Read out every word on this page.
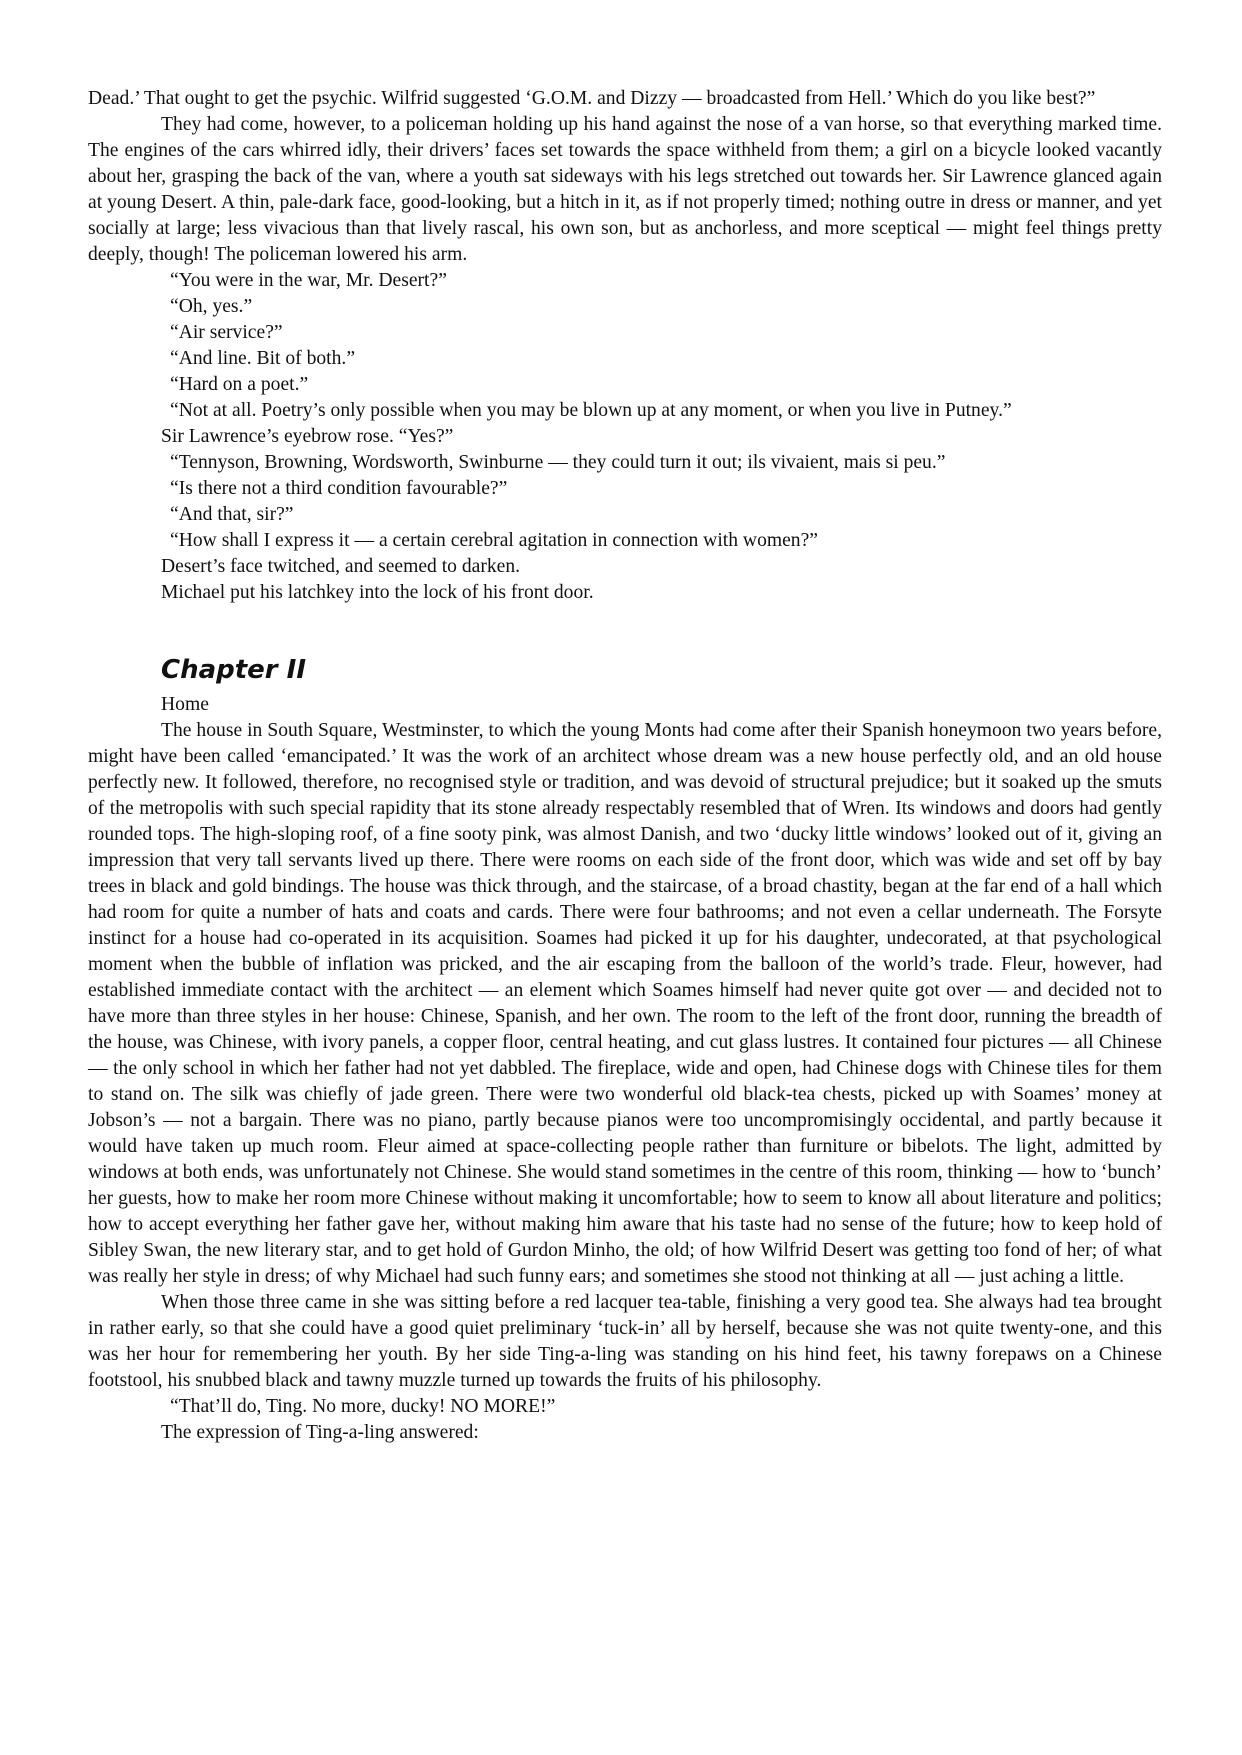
Dead.’ That ought to get the psychic. Wilfrid suggested ‘G.O.M. and Dizzy — broadcasted from Hell.’ Which do you like best?”

They had come, however, to a policeman holding up his hand against the nose of a van horse, so that everything marked time. The engines of the cars whirred idly, their drivers’ faces set towards the space withheld from them; a girl on a bicycle looked vacantly about her, grasping the back of the van, where a youth sat sideways with his legs stretched out towards her. Sir Lawrence glanced again at young Desert. A thin, pale-dark face, good-looking, but a hitch in it, as if not properly timed; nothing outre in dress or manner, and yet socially at large; less vivacious than that lively rascal, his own son, but as anchorless, and more sceptical — might feel things pretty deeply, though! The policeman lowered his arm.

“You were in the war, Mr. Desert?”

“Oh, yes.”

“Air service?”

“And line. Bit of both.”

“Hard on a poet.”

“Not at all. Poetry’s only possible when you may be blown up at any moment, or when you live in Putney.”

Sir Lawrence’s eyebrow rose. “Yes?”

“Tennyson, Browning, Wordsworth, Swinburne — they could turn it out; ils vivaient, mais si peu.”

“Is there not a third condition favourable?”

“And that, sir?”

“How shall I express it — a certain cerebral agitation in connection with women?”

Desert’s face twitched, and seemed to darken.

Michael put his latchkey into the lock of his front door.

Chapter II

Home

The house in South Square, Westminster, to which the young Monts had come after their Spanish honeymoon two years before, might have been called ‘emancipated.’ It was the work of an architect whose dream was a new house perfectly old, and an old house perfectly new. It followed, therefore, no recognised style or tradition, and was devoid of structural prejudice; but it soaked up the smuts of the metropolis with such special rapidity that its stone already respectably resembled that of Wren. Its windows and doors had gently rounded tops. The high-sloping roof, of a fine sooty pink, was almost Danish, and two ‘ducky little windows’ looked out of it, giving an impression that very tall servants lived up there. There were rooms on each side of the front door, which was wide and set off by bay trees in black and gold bindings. The house was thick through, and the staircase, of a broad chastity, began at the far end of a hall which had room for quite a number of hats and coats and cards. There were four bathrooms; and not even a cellar underneath. The Forsyte instinct for a house had co-operated in its acquisition. Soames had picked it up for his daughter, undecorated, at that psychological moment when the bubble of inflation was pricked, and the air escaping from the balloon of the world’s trade. Fleur, however, had established immediate contact with the architect — an element which Soames himself had never quite got over — and decided not to have more than three styles in her house: Chinese, Spanish, and her own. The room to the left of the front door, running the breadth of the house, was Chinese, with ivory panels, a copper floor, central heating, and cut glass lustres. It contained four pictures — all Chinese — the only school in which her father had not yet dabbled. The fireplace, wide and open, had Chinese dogs with Chinese tiles for them to stand on. The silk was chiefly of jade green. There were two wonderful old black-tea chests, picked up with Soames’ money at Jobson’s — not a bargain. There was no piano, partly because pianos were too uncompromisingly occidental, and partly because it would have taken up much room. Fleur aimed at space-collecting people rather than furniture or bibelots. The light, admitted by windows at both ends, was unfortunately not Chinese. She would stand sometimes in the centre of this room, thinking — how to ‘bunch’ her guests, how to make her room more Chinese without making it uncomfortable; how to seem to know all about literature and politics; how to accept everything her father gave her, without making him aware that his taste had no sense of the future; how to keep hold of Sibley Swan, the new literary star, and to get hold of Gurdon Minho, the old; of how Wilfrid Desert was getting too fond of her; of what was really her style in dress; of why Michael had such funny ears; and sometimes she stood not thinking at all — just aching a little.

When those three came in she was sitting before a red lacquer tea-table, finishing a very good tea. She always had tea brought in rather early, so that she could have a good quiet preliminary ‘tuck-in’ all by herself, because she was not quite twenty-one, and this was her hour for remembering her youth. By her side Ting-a-ling was standing on his hind feet, his tawny forepaws on a Chinese footstool, his snubbed black and tawny muzzle turned up towards the fruits of his philosophy.

“That’ll do, Ting. No more, ducky! NO MORE!”

The expression of Ting-a-ling answered:
